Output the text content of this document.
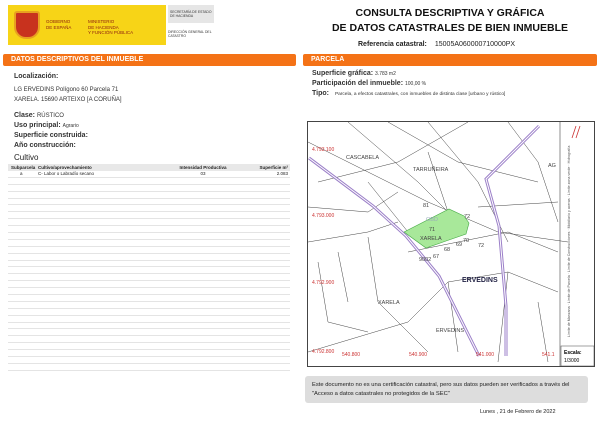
GOBIERNO
DE ESPAÑA
MINISTERIO
DE HACIENDA
Y FUNCIÓN PÚBLICA
SECRETARÍA DE ESTADO DE HACIENDA
DIRECCIÓN GENERAL DEL CATASTRO
CONSULTA DESCRIPTIVA Y GRÁFICA
DE DATOS CATASTRALES DE BIEN INMUEBLE
Referencia catastral: 15005A060000710000PX
DATOS DESCRIPTIVOS DEL INMUEBLE
Localización:
LG ERVEDINS Polígono 60 Parcela 71
XARELA. 15690 ARTEIXO [A CORUÑA]
Clase: RÚSTICO
Uso principal: Agrario
Superficie construida:
Año construcción:
Cultivo
Subparcela Cultivo/aprovechamiento	Intensidad Productiva	Superficie m²
a	C- Labor o Labradío secano	03	2.083
PARCELA
Superficie gráfica: 3.783 m2
Participación del inmueble: 100,00 %
Tipo: Parcela, a efectos catastrales, con inmuebles de distinta clase [urbano y rústico]
CASCABELA
TARRUÑEIRA
XARELA
XARELA
ERVEDINS
AG
81
71
72
72
68
67
69
70
9002
OBD
ERVEDINS
4.793.100
4.793.000
4.792.900
4.792.800 540.800	540.900	541.000	541.1
Límite de Manzana · Límite de Parcela · Límite de Construcciones · Mobiliario y aceras · Límite zona verde · Hidrografía
Escala:
1/3000
Este documento no es una certificación catastral, pero sus datos pueden ser verificados a través del "Acceso a datos catastrales no protegidos de la SEC"
Lunes , 21 de Febrero de 2022
